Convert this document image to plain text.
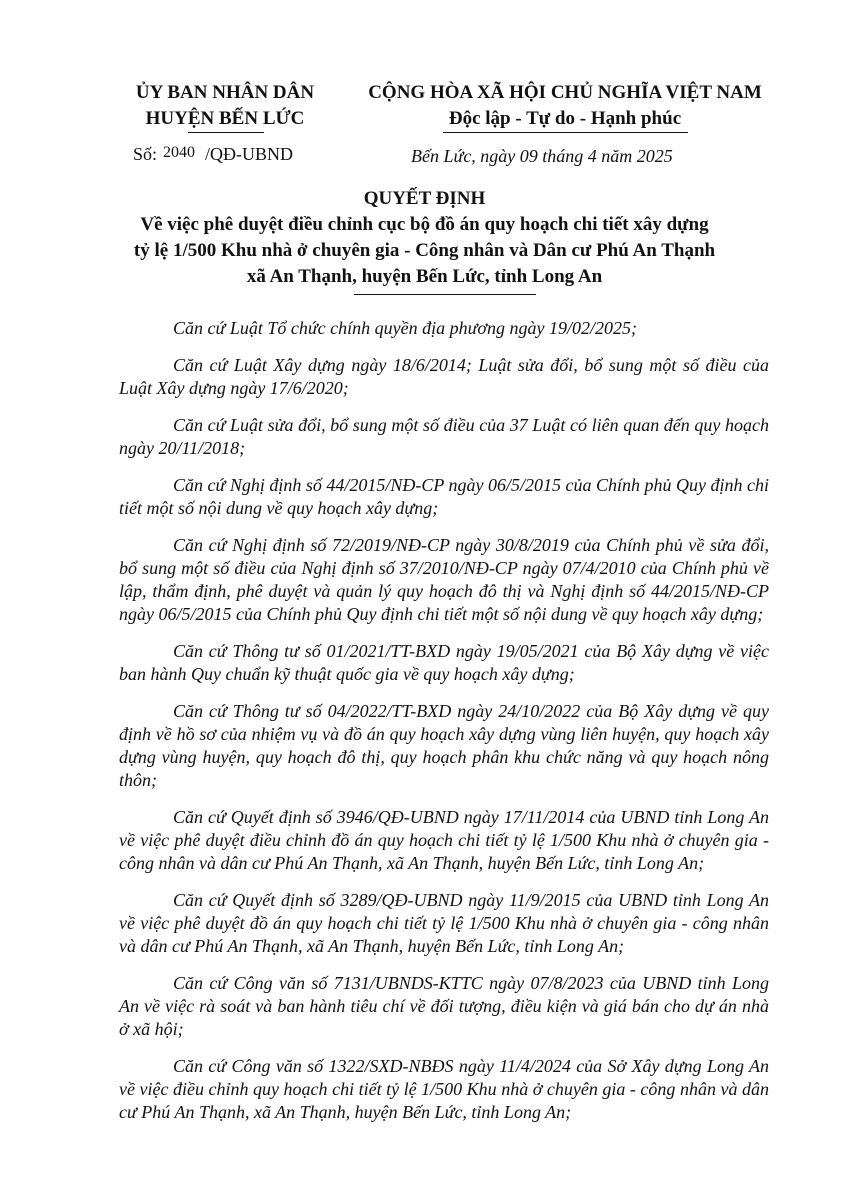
ỦY BAN NHÂN DÂN
HUYỆN BẾN LỨC
CỘNG HÒA XÃ HỘI CHỦ NGHĨA VIỆT NAM
Độc lập - Tự do - Hạnh phúc
Số: 2040 /QĐ-UBND	Bến Lức, ngày 09 tháng 4 năm 2025
QUYẾT ĐỊNH
Về việc phê duyệt điều chỉnh cục bộ đồ án quy hoạch chi tiết xây dựng
tỷ lệ 1/500 Khu nhà ở chuyên gia - Công nhân và Dân cư Phú An Thạnh
xã An Thạnh, huyện Bến Lức, tỉnh Long An

Căn cứ Luật Tổ chức chính quyền địa phương ngày 19/02/2025;

Căn cứ Luật Xây dựng ngày 18/6/2014; Luật sửa đổi, bổ sung một số điều của Luật Xây dựng ngày 17/6/2020;

Căn cứ Luật sửa đổi, bổ sung một số điều của 37 Luật có liên quan đến quy hoạch ngày 20/11/2018;

Căn cứ Nghị định số 44/2015/NĐ-CP ngày 06/5/2015 của Chính phủ Quy định chi tiết một số nội dung về quy hoạch xây dựng;

Căn cứ Nghị định số 72/2019/NĐ-CP ngày 30/8/2019 của Chính phủ về sửa đổi, bổ sung một số điều của Nghị định số 37/2010/NĐ-CP ngày 07/4/2010 của Chính phủ về lập, thẩm định, phê duyệt và quản lý quy hoạch đô thị và Nghị định số 44/2015/NĐ-CP ngày 06/5/2015 của Chính phủ Quy định chi tiết một số nội dung về quy hoạch xây dựng;

Căn cứ Thông tư số 01/2021/TT-BXD ngày 19/05/2021 của Bộ Xây dựng về việc ban hành Quy chuẩn kỹ thuật quốc gia về quy hoạch xây dựng;

Căn cứ Thông tư số 04/2022/TT-BXD ngày 24/10/2022 của Bộ Xây dựng về quy định về hồ sơ của nhiệm vụ và đồ án quy hoạch xây dựng vùng liên huyện, quy hoạch xây dựng vùng huyện, quy hoạch đô thị, quy hoạch phân khu chức năng và quy hoạch nông thôn;

Căn cứ Quyết định số 3946/QĐ-UBND ngày 17/11/2014 của UBND tỉnh Long An về việc phê duyệt điều chỉnh đồ án quy hoạch chi tiết tỷ lệ 1/500 Khu nhà ở chuyên gia - công nhân và dân cư Phú An Thạnh, xã An Thạnh, huyện Bến Lức, tỉnh Long An;

Căn cứ Quyết định số 3289/QĐ-UBND ngày 11/9/2015 của UBND tỉnh Long An về việc phê duyệt đồ án quy hoạch chi tiết tỷ lệ 1/500 Khu nhà ở chuyên gia - công nhân và dân cư Phú An Thạnh, xã An Thạnh, huyện Bến Lức, tỉnh Long An;

Căn cứ Công văn số 7131/UBNDS-KTTC ngày 07/8/2023 của UBND tỉnh Long An về việc rà soát và ban hành tiêu chí về đối tượng, điều kiện và giá bán cho dự án nhà ở xã hội;

Căn cứ Công văn số 1322/SXD-NBĐS ngày 11/4/2024 của Sở Xây dựng Long An về việc điều chỉnh quy hoạch chi tiết tỷ lệ 1/500 Khu nhà ở chuyên gia - công nhân và dân cư Phú An Thạnh, xã An Thạnh, huyện Bến Lức, tỉnh Long An;
